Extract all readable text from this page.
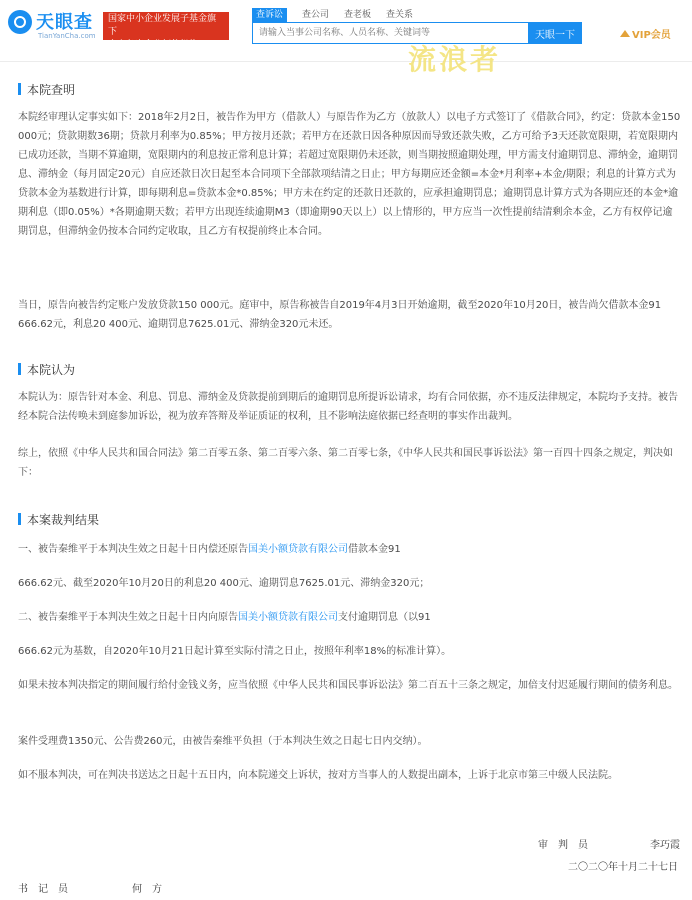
天眼查
TianYanCha.com
国家中小企业发展子基金旗下
官方备案企业征信机构
查诉讼	查公司	查老板	查关系
请输入当事公司名称、人员名称、关键词等
天眼一下	VIP会员
流浪者
本院查明
本院经审理认定事实如下：2018年2月2日，被告作为甲方（借款人）与原告作为乙方（放款人）以电子方式签订了《借款合同》，约定：贷款本金150 000元；贷款期数36期；贷款月利率为0.85%；甲方按月还款；若甲方在还款日因各种原因而导致还款失败，乙方可给予3天还款宽限期，若宽限期内已成功还款，当期不算逾期，宽限期内的利息按正常利息计算；若超过宽限期仍未还款，则当期按照逾期处理，甲方需支付逾期罚息、滞纳金，逾期罚息、滞纳金（每月固定20元）自应还款日次日起至本合同项下全部款项结清之日止；甲方每期应还金额=本金*月利率+本金/期限；利息的计算方式为贷款本金为基数进行计算，即每期利息=贷款本金*0.85%；甲方未在约定的还款日还款的，应承担逾期罚息；逾期罚息计算方式为各期应还的本金*逾期利息（即0.05%）*各期逾期天数；若甲方出现连续逾期M3（即逾期90天以上）以上情形的，甲方应当一次性提前结清剩余本金，乙方有权停记逾期罚息，但滞纳金仍按本合同约定收取，且乙方有权提前终止本合同。
当日，原告向被告约定账户发放贷款150 000元。庭审中，原告称被告自2019年4月3日开始逾期，截至2020年10月20日，被告尚欠借款本金91 666.62元，利息20 400元、逾期罚息7625.01元、滞纳金320元未还。
本院认为
本院认为：原告针对本金、利息、罚息、滞纳金及贷款提前到期后的逾期罚息所提诉讼请求，均有合同依据，亦不违反法律规定，本院均予支持。被告经本院合法传唤未到庭参加诉讼，视为放弃答辩及举证质证的权利，且不影响法庭依据已经查明的事实作出裁判。
综上，依照《中华人民共和国合同法》第二百零五条、第二百零六条、第二百零七条，《中华人民共和国民事诉讼法》第一百四十四条之规定，判决如下：
本案裁判结果
一、被告秦维平于本判决生效之日起十日内偿还原告国美小额贷款有限公司借款本金91
666.62元、截至2020年10月20日的利息20 400元、逾期罚息7625.01元、滞纳金320元；
二、被告秦维平于本判决生效之日起十日内向原告国美小额贷款有限公司支付逾期罚息（以91
666.62元为基数，自2020年10月21日起计算至实际付清之日止，按照年利率18%的标准计算）。
如果未按本判决指定的期间履行给付金钱义务，应当依照《中华人民共和国民事诉讼法》第二百五十三条之规定，加倍支付迟延履行期间的债务利息。
案件受理费1350元、公告费260元，由被告秦维平负担（于本判决生效之日起七日内交纳）。
如不服本判决，可在判决书送达之日起十五日内，向本院递交上诉状，按对方当事人的人数提出副本，上诉于北京市第三中级人民法院。
审　判　员	李巧霞
二〇二〇年十月二十七日
书　记　员	何　方
